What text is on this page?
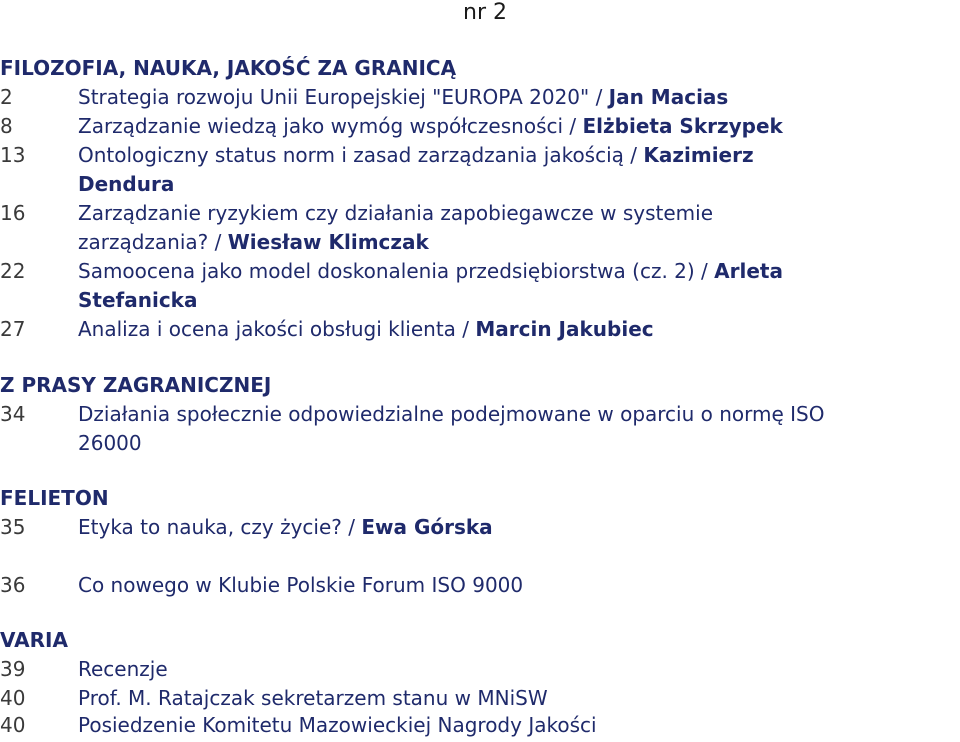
nr 2
FILOZOFIA, NAUKA, JAKOŚĆ ZA GRANICĄ
2	Strategia rozwoju Unii Europejskiej "EUROPA 2020" / Jan Macias
8	Zarządzanie wiedzą jako wymóg współczesności / Elżbieta Skrzypek
13	Ontologiczny status norm i zasad zarządzania jakością / Kazimierz
Dendura
16	Zarządzanie ryzykiem czy działania zapobiegawcze w systemie
zarządzania? / Wiesław Klimczak
22	Samoocena jako model doskonalenia przedsiębiorstwa (cz. 2) / Arleta
Stefanicka
27	Analiza i ocena jakości obsługi klienta / Marcin Jakubiec
Z PRASY ZAGRANICZNEJ
34	Działania społecznie odpowiedzialne podejmowane w oparciu o normę ISO
26000
FELIETON
35	Etyka to nauka, czy życie? / Ewa Górska
36	Co nowego w Klubie Polskie Forum ISO 9000
VARIA
39	Recenzje
40	Prof. M. Ratajczak sekretarzem stanu w MNiSW
40	Posiedzenie Komitetu Mazowieckiej Nagrody Jakości
